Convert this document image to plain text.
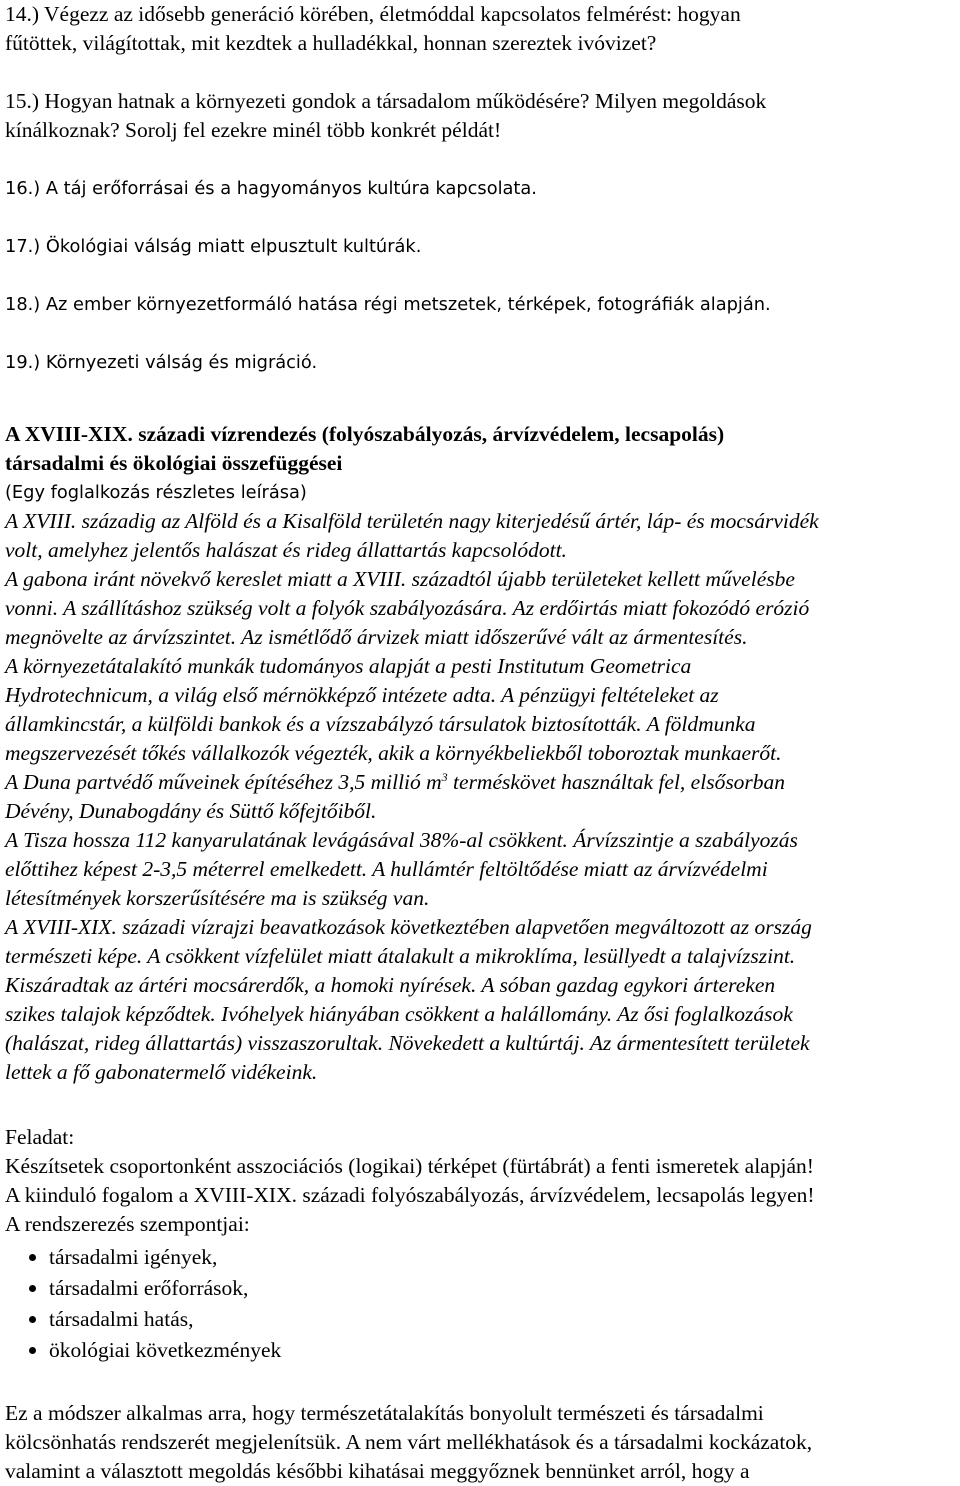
14.) Végezz az idősebb generáció körében, életmóddal kapcsolatos felmérést: hogyan
fűtöttek, világítottak, mit kezdtek a hulladékkal, honnan szereztek ivóvizet?
15.) Hogyan hatnak a környezeti gondok a társadalom működésére? Milyen megoldások
kínálkoznak? Sorolj fel ezekre minél több konkrét példát!
16.) A táj erőforrásai és a hagyományos kultúra kapcsolata.
17.) Ökológiai válság miatt elpusztult kultúrák.
18.) Az ember környezetformáló hatása régi metszetek, térképek, fotográfiák alapján.
19.) Környezeti válság és migráció.
A XVIII-XIX. századi vízrendezés (folyószabályozás, árvízvédelem, lecsapolás)
társadalmi és ökológiai összefüggései
(Egy foglalkozás részletes leírása)
A XVIII. századig az Alföld és a Kisalföld területén nagy kiterjedésű ártér, láp- és mocsárvidék
volt, amelyhez jelentős halászat és rideg állattartás kapcsolódott.
A gabona iránt növekvő kereslet miatt a XVIII. századtól újabb területeket kellett művelésbe
vonni. A szállításhoz szükség volt a folyók szabályozására. Az erdőirtás miatt fokozódó erózió
megnövelte az árvízszintet. Az ismétlődő árvizek miatt időszerűvé vált az ármentesítés.
A környezetátalakító munkák tudományos alapját a pesti Institutum Geometrica
Hydrotechnicum, a világ első mérnökképző intézete adta. A pénzügyi feltételeket az
államkincstár, a külföldi bankok és a vízszabályzó társulatok biztosították. A földmunka
megszervezését tőkés vállalkozók végezték, akik a környékbeliekből toboroztak munkaerőt.
A Duna partvédő műveinek építéséhez 3,5 millió $m^3$ terméskövet használtak fel, elsősorban
Dévény, Dunabogdány és Süttő kőfejtőiből.
A Tisza hossza 112 kanyarulatának levágásával 38%-al csökkent. Árvízszintje a szabályozás
előttihez képest 2-3,5 méterrel emelkedett. A hullámtér feltöltődése miatt az árvízvédelmi
létesítmények korszerűsítésére ma is szükség van.
A XVIII-XIX. századi vízrajzi beavatkozások következtében alapvetően megváltozott az ország
természeti képe. A csökkent vízfelület miatt átalakult a mikroklíma, lesüllyedt a talajvízszint.
Kiszáradtak az ártéri mocsárerdők, a homoki nyírések. A sóban gazdag egykori ártereken
szikes talajok képződtek. Ivóhelyek hiányában csökkent a halállomány. Az ősi foglalkozások
(halászat, rideg állattartás) visszaszorultak. Növekedett a kultúrtáj. Az ármentesített területek
lettek a fő gabonatermelő vidékeink.
Feladat:
Készítsetek csoportonként asszociációs (logikai) térképet (fürtábrát) a fenti ismeretek alapján!
A kiinduló fogalom a XVIII-XIX. századi folyószabályozás, árvízvédelem, lecsapolás legyen!
A rendszerezés szempontjai:
társadalmi igények,
társadalmi erőforrások,
társadalmi hatás,
ökológiai következmények
Ez a módszer alkalmas arra, hogy természetátalakítás bonyolult természeti és társadalmi
kölcsönhatás rendszerét megjelenítsük. A nem várt mellékhatások és a társadalmi kockázatok,
valamint a választott megoldás későbbi kihatásai meggyőznek bennünket arról, hogy a
